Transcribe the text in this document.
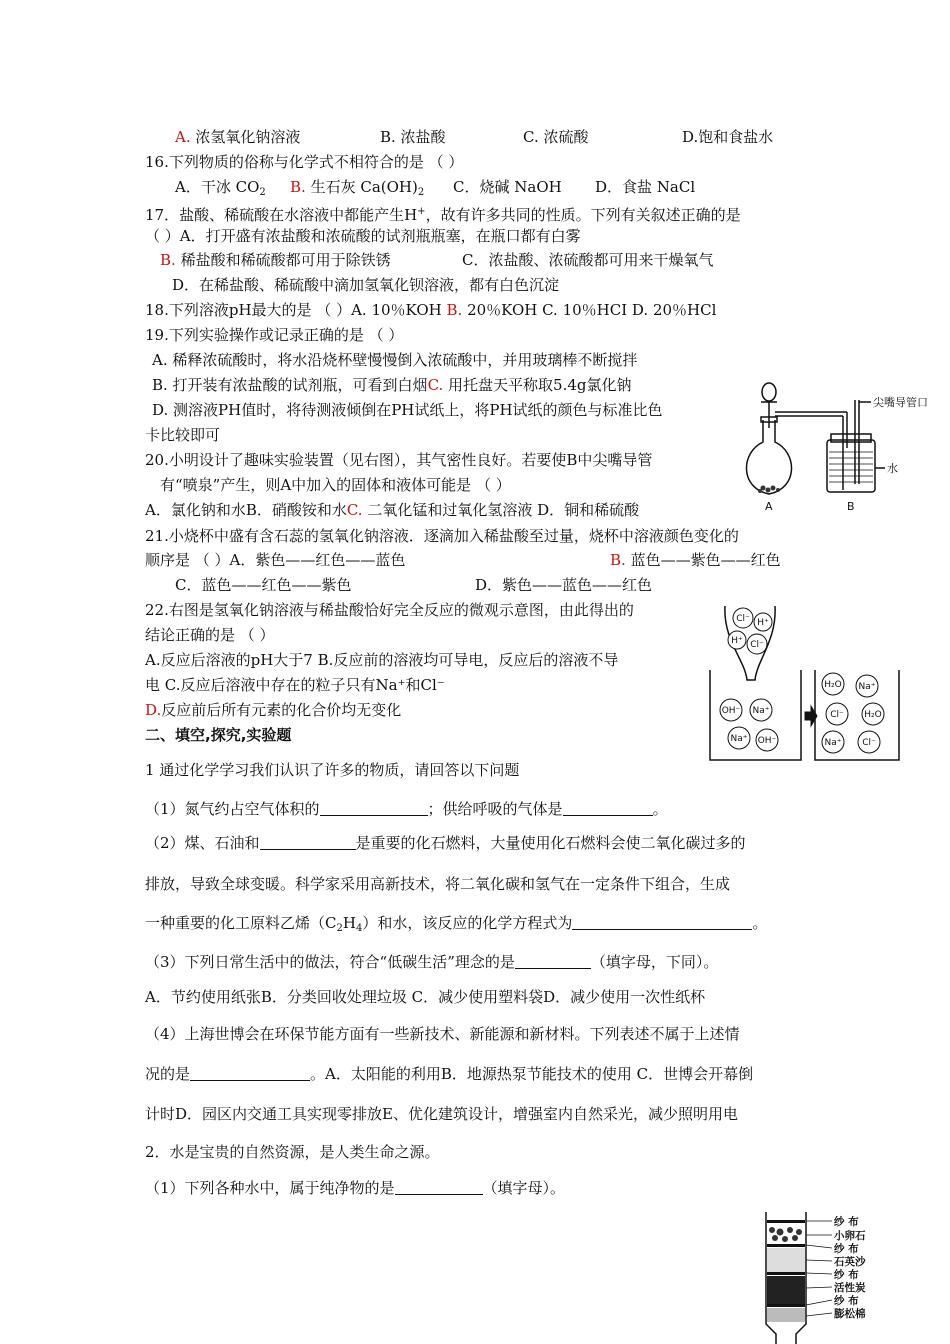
A. 浓氢氧化钠溶液	B. 浓盐酸	C. 浓硫酸	D.饱和食盐水
16.下列物质的俗称与化学式不相符合的是 （ ）
A．干冰 $CO_2$ B. 生石灰 $Ca(OH)_2$ C．烧碱 NaOH D．食盐 NaCl
17．盐酸、稀硫酸在水溶液中都能产生H+，故有许多共同的性质。下列有关叙述正确的是
（ ）A．打开盛有浓盐酸和浓硫酸的试剂瓶瓶塞，在瓶口都有白雾
B. 稀盐酸和稀硫酸都可用于除铁锈	C．浓盐酸、浓硫酸都可用来干燥氧气
D．在稀盐酸、稀硫酸中滴加氢氧化钡溶液，都有白色沉淀
18.下列溶液pH最大的是 （ ）A. 10％KOH B. 20％KOH C. 10％HCI D. 20％HCl
19.下列实验操作或记录正确的是 （ ）
A. 稀释浓硫酸时，将水沿烧杯壁慢慢倒入浓硫酸中，并用玻璃棒不断搅拌
B. 打开装有浓盐酸的试剂瓶，可看到白烟C. 用托盘天平称取5.4g氯化钠
D. 测溶液PH值时，将待测液倾倒在PH试纸上，将PH试纸的颜色与标准比色
卡比较即可
20.小明设计了趣味实验装置（见右图），其气密性良好。若要使B中尖嘴导管
有“喷泉”产生，则A中加入的固体和液体可能是 （ ）
A．氯化钠和水B．硝酸铵和水C. 二氧化锰和过氧化氢溶液 D．铜和稀硫酸
21.小烧杯中盛有含石蕊的氢氧化钠溶液．逐滴加入稀盐酸至过量，烧杯中溶液颜色变化的
顺序是 （ ）A．紫色——红色——蓝色	B. 蓝色——紫色——红色
C．蓝色——红色——紫色	D．紫色——蓝色——红色
22.右图是氢氧化钠溶液与稀盐酸恰好完全反应的微观示意图，由此得出的
结论正确的是 （ ）
A.反应后溶液的pH大于7 B.反应前的溶液均可导电，反应后的溶液不导
电 C.反应后溶液中存在的粒子只有Na⁺和Cl⁻
D.反应前后所有元素的化合价均无变化
二、填空,探究,实验题
1 通过化学学习我们认识了许多的物质，请回答以下问题
（1）氮气约占空气体积的	；供给呼吸的气体是	。
（2）煤、石油和	是重要的化石燃料，大量使用化石燃料会使二氧化碳过多的
排放，导致全球变暖。科学家采用高新技术，将二氧化碳和氢气在一定条件下组合，生成
一种重要的化工原料乙烯$(C_2H_4)$和水，该反应的化学方程式为	。
（3）下列日常生活中的做法，符合“低碳生活”理念的是	（填字母，下同）。
A．节约使用纸张B．分类回收处理垃圾 C．减少使用塑料袋D．减少使用一次性纸杯
（4）上海世博会在环保节能方面有一些新技术、新能源和新材料。下列表述不属于上述情
况的是	。A．太阳能的利用B．地源热泵节能技术的使用 C．世博会开幕倒
计时D．园区内交通工具实现零排放E、优化建筑设计，增强室内自然采光，减少照明用电
2．水是宝贵的自然资源，是人类生命之源。
（1）下列各种水中，属于纯净物的是	（填字母）。
尖嘴导管口
水
A	B
Cl⁻ H⁺
H⁺ Cl⁻
OH⁻ Na⁺
Na⁺ OH⁻
H₂O Na⁺
Cl⁻ H₂O
Na⁺ Cl⁻
纱 布
小卵石
纱 布
石英沙
纱 布
活性炭
纱 布
膨松棉
